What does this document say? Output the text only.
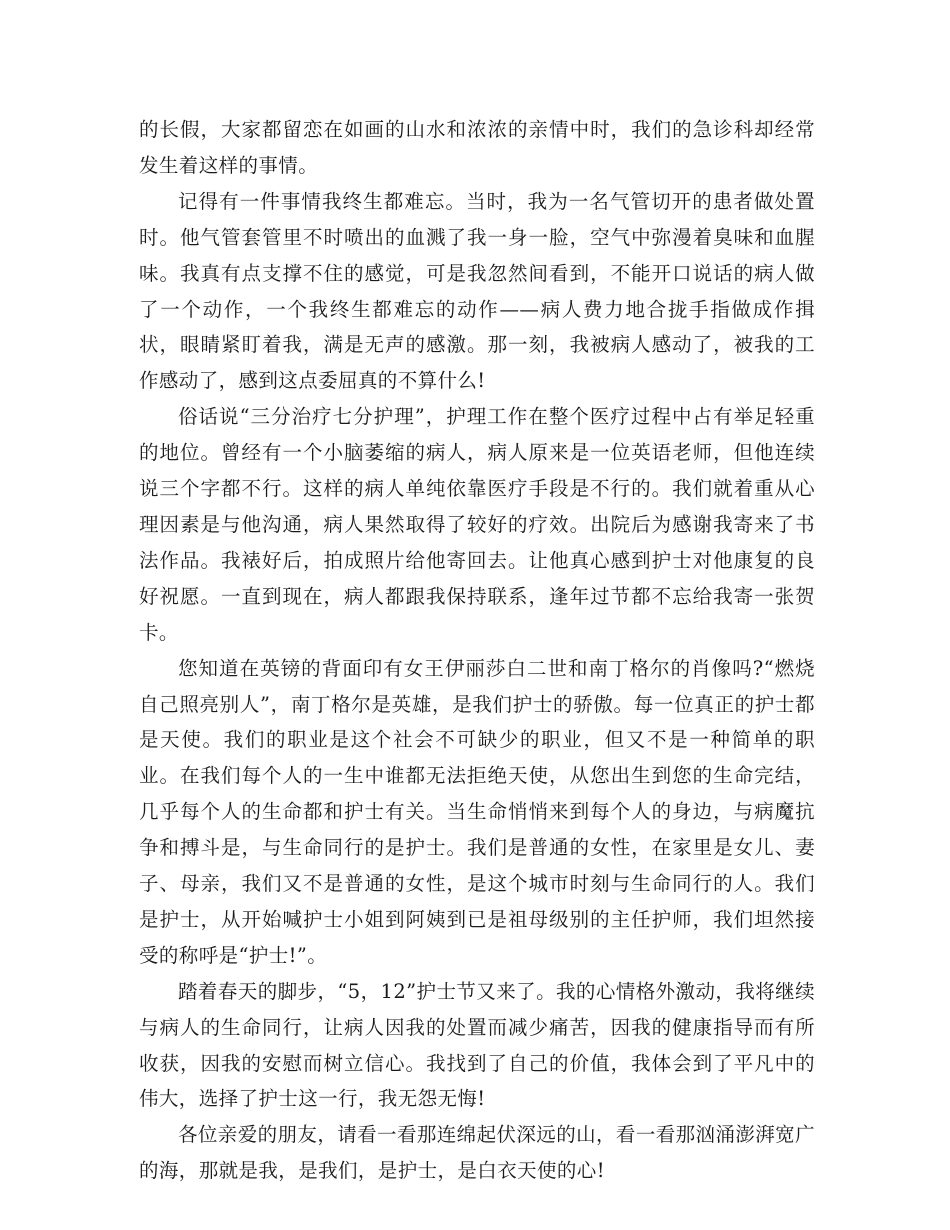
的长假，大家都留恋在如画的山水和浓浓的亲情中时，我们的急诊科却经常发生着这样的事情。

记得有一件事情我终生都难忘。当时，我为一名气管切开的患者做处置时。他气管套管里不时喷出的血溅了我一身一脸，空气中弥漫着臭味和血腥味。我真有点支撑不住的感觉，可是我忽然间看到，不能开口说话的病人做了一个动作，一个我终生都难忘的动作——病人费力地合拢手指做成作揖状，眼睛紧盯着我，满是无声的感激。那一刻，我被病人感动了，被我的工作感动了，感到这点委屈真的不算什么!

俗话说“三分治疗七分护理”，护理工作在整个医疗过程中占有举足轻重的地位。曾经有一个小脑萎缩的病人，病人原来是一位英语老师，但他连续说三个字都不行。这样的病人单纯依靠医疗手段是不行的。我们就着重从心理因素是与他沟通，病人果然取得了较好的疗效。出院后为感谢我寄来了书法作品。我裱好后，拍成照片给他寄回去。让他真心感到护士对他康复的良好祝愿。一直到现在，病人都跟我保持联系，逢年过节都不忘给我寄一张贺卡。

您知道在英镑的背面印有女王伊丽莎白二世和南丁格尔的肖像吗?“燃烧自己照亮别人”，南丁格尔是英雄，是我们护士的骄傲。每一位真正的护士都是天使。我们的职业是这个社会不可缺少的职业，但又不是一种简单的职业。在我们每个人的一生中谁都无法拒绝天使，从您出生到您的生命完结，几乎每个人的生命都和护士有关。当生命悄悄来到每个人的身边，与病魔抗争和搏斗是，与生命同行的是护士。我们是普通的女性，在家里是女儿、妻子、母亲，我们又不是普通的女性，是这个城市时刻与生命同行的人。我们是护士，从开始喊护士小姐到阿姨到已是祖母级别的主任护师，我们坦然接受的称呼是“护士!”。

踏着春天的脚步，“5，12”护士节又来了。我的心情格外激动，我将继续与病人的生命同行，让病人因我的处置而减少痛苦，因我的健康指导而有所收获，因我的安慰而树立信心。我找到了自己的价值，我体会到了平凡中的伟大，选择了护士这一行，我无怨无悔!

各位亲爱的朋友，请看一看那连绵起伏深远的山，看一看那汹涌澎湃宽广的海，那就是我，是我们，是护士，是白衣天使的心!
